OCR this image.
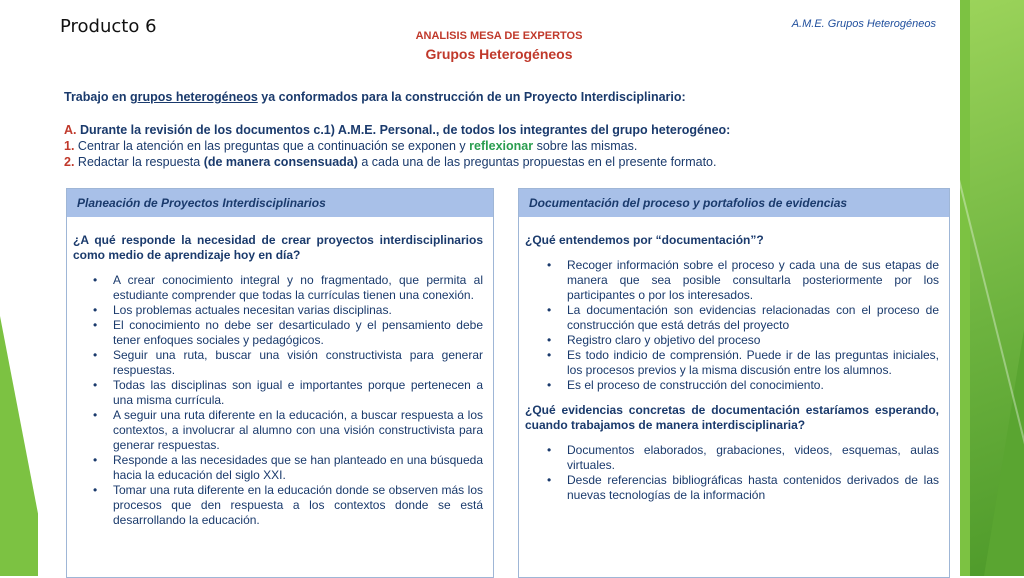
A.M.E. Grupos Heterogéneos
ANALISIS MESA DE EXPERTOS
Grupos Heterogéneos
Trabajo en grupos heterogéneos ya conformados para la construcción de un Proyecto Interdisciplinario:
A. Durante la revisión de los documentos c.1) A.M.E. Personal., de todos los integrantes del grupo heterogéneo:
1. Centrar la atención en las preguntas que a continuación se exponen y reflexionar sobre las mismas.
2. Redactar la respuesta (de manera consensuada) a cada una de las preguntas propuestas en el presente formato.
Planeación de Proyectos Interdisciplinarios
¿A qué responde la necesidad de crear proyectos interdisciplinarios como medio de aprendizaje hoy en día?
• A crear conocimiento integral y no fragmentado, que permita al estudiante comprender que todas la currículas tienen una conexión.
• Los problemas actuales necesitan varias disciplinas.
• El conocimiento no debe ser desarticulado y el pensamiento debe tener enfoques sociales y pedagógicos.
• Seguir una ruta, buscar una visión constructivista para generar respuestas.
• Todas las disciplinas son igual e importantes porque pertenecen a una misma currícula.
• A seguir una ruta diferente en la educación, a buscar respuesta a los contextos, a involucrar al alumno con una visión constructivista para generar respuestas.
• Responde a las necesidades que se han planteado en una búsqueda hacia la educación del siglo XXI.
• Tomar una ruta diferente en la educación donde se observen más los procesos que den respuesta a los contextos donde se está desarrollando la educación.
Documentación del proceso y portafolios de evidencias
¿Qué entendemos por “documentación”?
• Recoger información sobre el proceso y cada una de sus etapas de manera que sea posible consultarla posteriormente por los participantes o por los interesados.
• La documentación son evidencias relacionadas con el proceso de construcción que está detrás del proyecto
• Registro claro y objetivo del proceso
• Es todo indicio de comprensión. Puede ir de las preguntas iniciales, los procesos previos y la misma discusión entre los alumnos.
• Es el proceso de construcción del conocimiento.
¿Qué evidencias concretas de documentación estaríamos esperando, cuando trabajamos de manera interdisciplinaria?
• Documentos elaborados, grabaciones, videos, esquemas, aulas virtuales.
• Desde referencias bibliográficas hasta contenidos derivados de las nuevas tecnologías de la información
Producto 6
